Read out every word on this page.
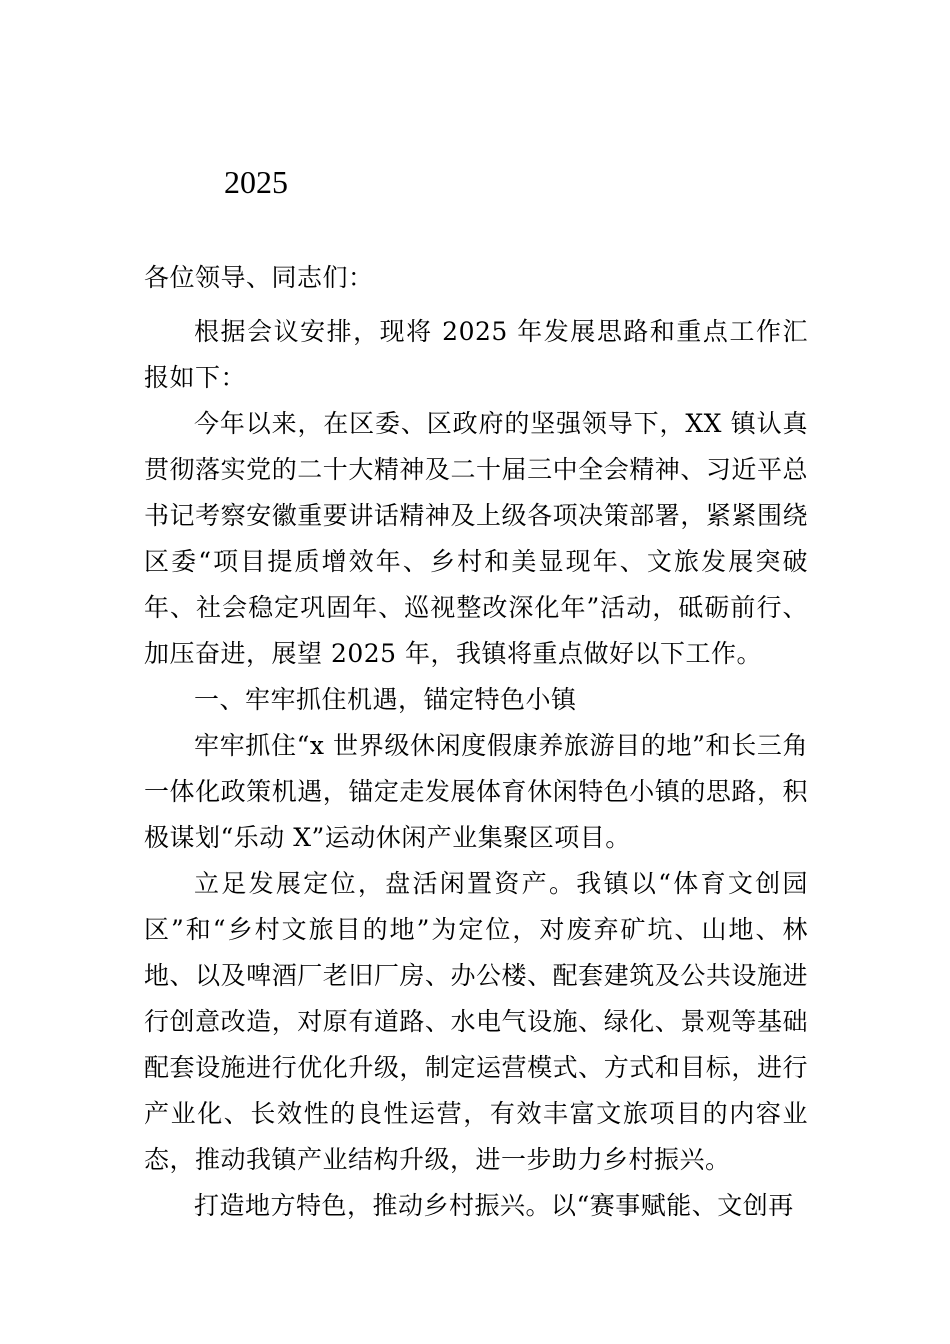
2025

各位领导、同志们：

根据会议安排，现将 2025 年发展思路和重点工作汇报如下：

今年以来，在区委、区政府的坚强领导下，XX 镇认真贯彻落实党的二十大精神及二十届三中全会精神、习近平总书记考察安徽重要讲话精神及上级各项决策部署，紧紧围绕区委“项目提质增效年、乡村和美显现年、文旅发展突破年、社会稳定巩固年、巡视整改深化年”活动，砥砺前行、加压奋进，展望 2025 年，我镇将重点做好以下工作。

一、牢牢抓住机遇，锚定特色小镇

牢牢抓住“x 世界级休闲度假康养旅游目的地”和长三角一体化政策机遇，锚定走发展体育休闲特色小镇的思路，积极谋划“乐动 X”运动休闲产业集聚区项目。

立足发展定位，盘活闲置资产。我镇以“体育文创园区”和“乡村文旅目的地”为定位，对废弃矿坑、山地、林地、以及啤酒厂老旧厂房、办公楼、配套建筑及公共设施进行创意改造，对原有道路、水电气设施、绿化、景观等基础配套设施进行优化升级，制定运营模式、方式和目标，进行产业化、长效性的良性运营，有效丰富文旅项目的内容业态，推动我镇产业结构升级，进一步助力乡村振兴。

打造地方特色，推动乡村振兴。以“赛事赋能、文创再
